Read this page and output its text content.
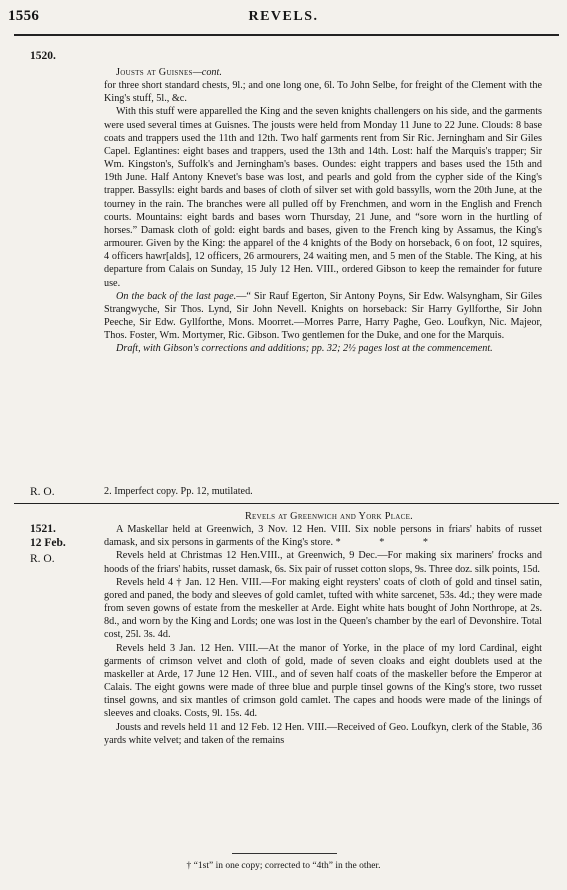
1556	REVELS.
1520.

Jousts at Guisnes—cont.

for three short standard chests, 9l.; and one long one, 6l. To John Selbe, for freight of the Clement with the King's stuff, 5l., &c.

With this stuff were apparelled the King and the seven knights challengers on his side, and the garments were used several times at Guisnes. The jousts were held from Monday 11 June to 22 June. Clouds: 8 base coats and trappers used the 11th and 12th. Two half garments rent from Sir Ric. Jerningham and Sir Giles Capel. Eglantines: eight bases and trappers, used the 13th and 14th. Lost: half the Marquis's trapper; Sir Wm. Kingston's, Suffolk's and Jerningham's bases. Oundes: eight trappers and bases used the 15th and 19th June. Half Antony Knevet's base was lost, and pearls and gold from the cypher side of the King's trapper. Bassylls: eight bards and bases of cloth of silver set with gold bassylls, worn the 20th June, at the tourney in the rain. The branches were all pulled off by Frenchmen, and worn in the English and French courts. Mountains: eight bards and bases worn Thursday, 21 June, and “sore worn in the hurtling of horses.” Damask cloth of gold: eight bards and bases, given to the French king by Assamus, the King's armourer. Given by the King: the apparel of the 4 knights of the Body on horseback, 6 on foot, 12 squires, 4 officers hawr[alds], 12 officers, 26 armourers, 24 waiting men, and 5 men of the Stable. The King, at his departure from Calais on Sunday, 15 July 12 Hen. VIII., ordered Gibson to keep the remainder for future use.

On the back of the last page.—“ Sir Rauf Egerton, Sir Antony Poyns, Sir Edw. Walsyngham, Sir Giles Strangwyche, Sir Thos. Lynd, Sir John Nevell. Knights on horseback: Sir Harry Gyllforthe, Sir John Peeche, Sir Edw. Gyllforthe, Mons. Moorret.—Morres Parre, Harry Paghe, Geo. Loufkyn, Nic. Majeor, Thos. Foster, Wm. Mortymer, Ric. Gibson. Two gentlemen for the Duke, and one for the Marquis.

Draft, with Gibson's corrections and additions; pp. 32; 2½ pages lost at the commencement.

R. O.	2. Imperfect copy. Pp. 12, mutilated.

1521.
12 Feb.
R. O.

Revels at Greenwich and York Place.

A Maskellar held at Greenwich, 3 Nov. 12 Hen. VIII. Six noble persons in friars' habits of russet damask, and six persons in garments of the King's store. * * *

Revels held at Christmas 12 Hen.VIII., at Greenwich, 9 Dec.—For making six mariners' frocks and hoods of the friars' habits, russet damask, 6s. Six pair of russet cotton slops, 9s. Three doz. silk points, 15d.

Revels held 4 † Jan. 12 Hen. VIII.—For making eight reysters' coats of cloth of gold and tinsel satin, gored and paned, the body and sleeves of gold camlet, tufted with white sarcenet, 53s. 4d.; they were made from seven gowns of estate from the meskeller at Arde. Eight white hats bought of John Northrope, at 2s. 8d., and worn by the King and Lords; one was lost in the Queen's chamber by the earl of Devonshire. Total cost, 25l. 3s. 4d.

Revels held 3 Jan. 12 Hen. VIII.—At the manor of Yorke, in the place of my lord Cardinal, eight garments of crimson velvet and cloth of gold, made of seven cloaks and eight doublets used at the maskeller at Arde, 17 June 12 Hen. VIII., and of seven half coats of the maskeller before the Emperor at Calais. The eight gowns were made of three blue and purple tinsel gowns of the King's store, two russet tinsel gowns, and six mantles of crimson gold camlet. The capes and hoods were made of the linings of sleeves and cloaks. Costs, 9l. 15s. 4d.

Jousts and revels held 11 and 12 Feb. 12 Hen. VIII.—Received of Geo. Loufkyn, clerk of the Stable, 36 yards white velvet; and taken of the remains

† “1st” in one copy; corrected to “4th” in the other.
